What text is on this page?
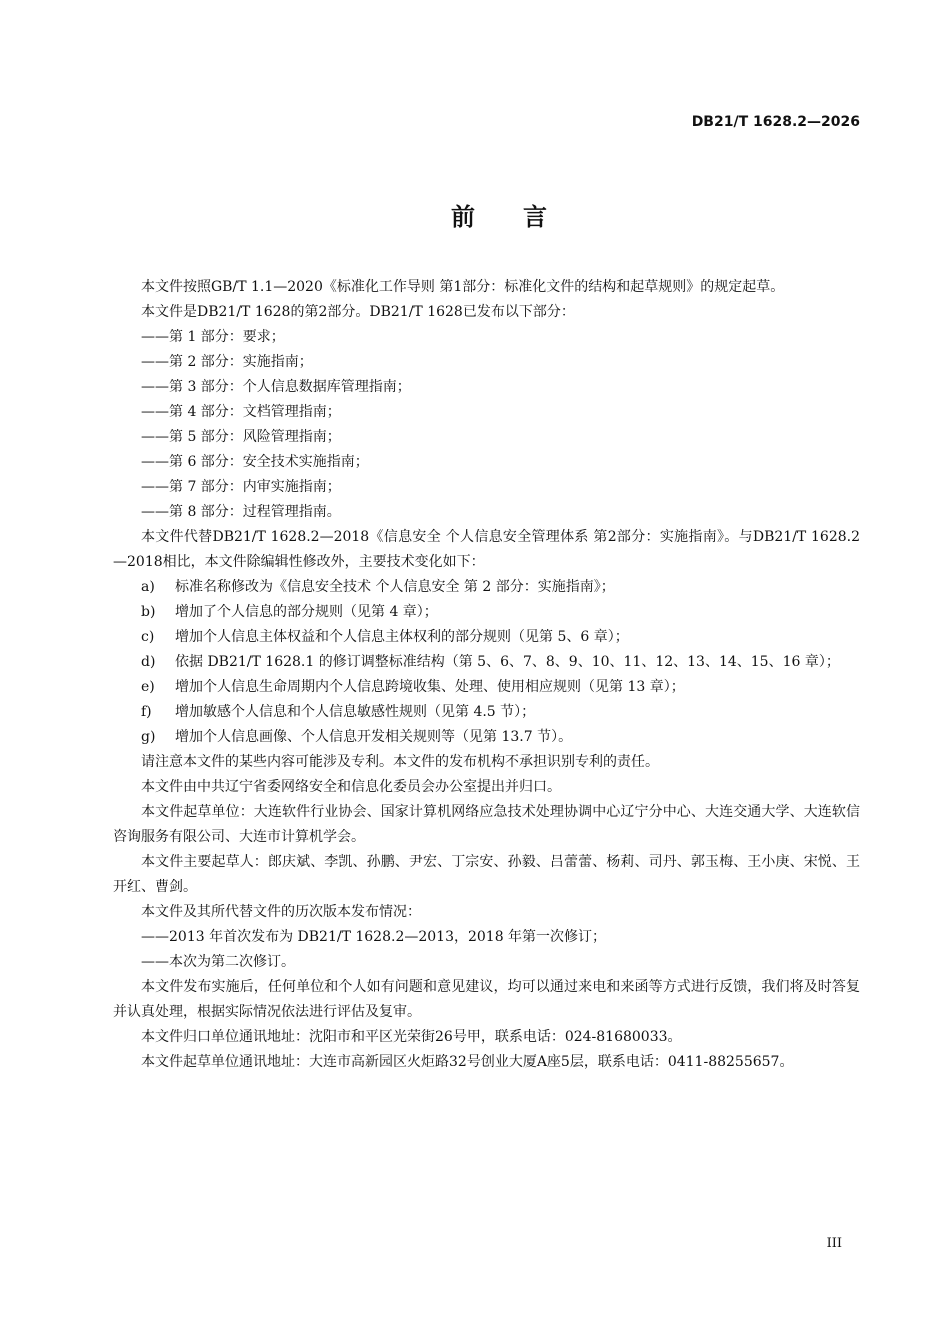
DB21/T 1628.2—2026
前言

本文件按照GB/T 1.1—2020《标准化工作导则 第1部分：标准化文件的结构和起草规则》的规定起草。

本文件是DB21/T 1628的第2部分。DB21/T 1628已发布以下部分：

——第 1 部分：要求；

——第 2 部分：实施指南；

——第 3 部分：个人信息数据库管理指南；

——第 4 部分：文档管理指南；

——第 5 部分：风险管理指南；

——第 6 部分：安全技术实施指南；

——第 7 部分：内审实施指南；

——第 8 部分：过程管理指南。

本文件代替DB21/T 1628.2—2018《信息安全 个人信息安全管理体系 第2部分：实施指南》。与DB21/T 1628.2—2018相比，本文件除编辑性修改外，主要技术变化如下：

a)	标准名称修改为《信息安全技术 个人信息安全 第 2 部分：实施指南》；
b)	增加了个人信息的部分规则（见第 4 章）；
c)	增加个人信息主体权益和个人信息主体权利的部分规则（见第 5、6 章）；
d)	依据 DB21/T 1628.1 的修订调整标准结构（第 5、6、7、8、9、10、11、12、13、14、15、16 章）；
e)	增加个人信息生命周期内个人信息跨境收集、处理、使用相应规则（见第 13 章）；
f)	增加敏感个人信息和个人信息敏感性规则（见第 4.5 节）；
g)	增加个人信息画像、个人信息开发相关规则等（见第 13.7 节）。

请注意本文件的某些内容可能涉及专利。本文件的发布机构不承担识别专利的责任。

本文件由中共辽宁省委网络安全和信息化委员会办公室提出并归口。

本文件起草单位：大连软件行业协会、国家计算机网络应急技术处理协调中心辽宁分中心、大连交通大学、大连软信咨询服务有限公司、大连市计算机学会。

本文件主要起草人：郎庆斌、李凯、孙鹏、尹宏、丁宗安、孙毅、吕蕾蕾、杨莉、司丹、郭玉梅、王小庚、宋悦、王开红、曹剑。

本文件及其所代替文件的历次版本发布情况：

——2013 年首次发布为 DB21/T 1628.2—2013，2018 年第一次修订；

——本次为第二次修订。

本文件发布实施后，任何单位和个人如有问题和意见建议，均可以通过来电和来函等方式进行反馈，我们将及时答复并认真处理，根据实际情况依法进行评估及复审。

本文件归口单位通讯地址：沈阳市和平区光荣街26号甲，联系电话：024-81680033。

本文件起草单位通讯地址：大连市高新园区火炬路32号创业大厦A座5层，联系电话：0411-88255657。

III
